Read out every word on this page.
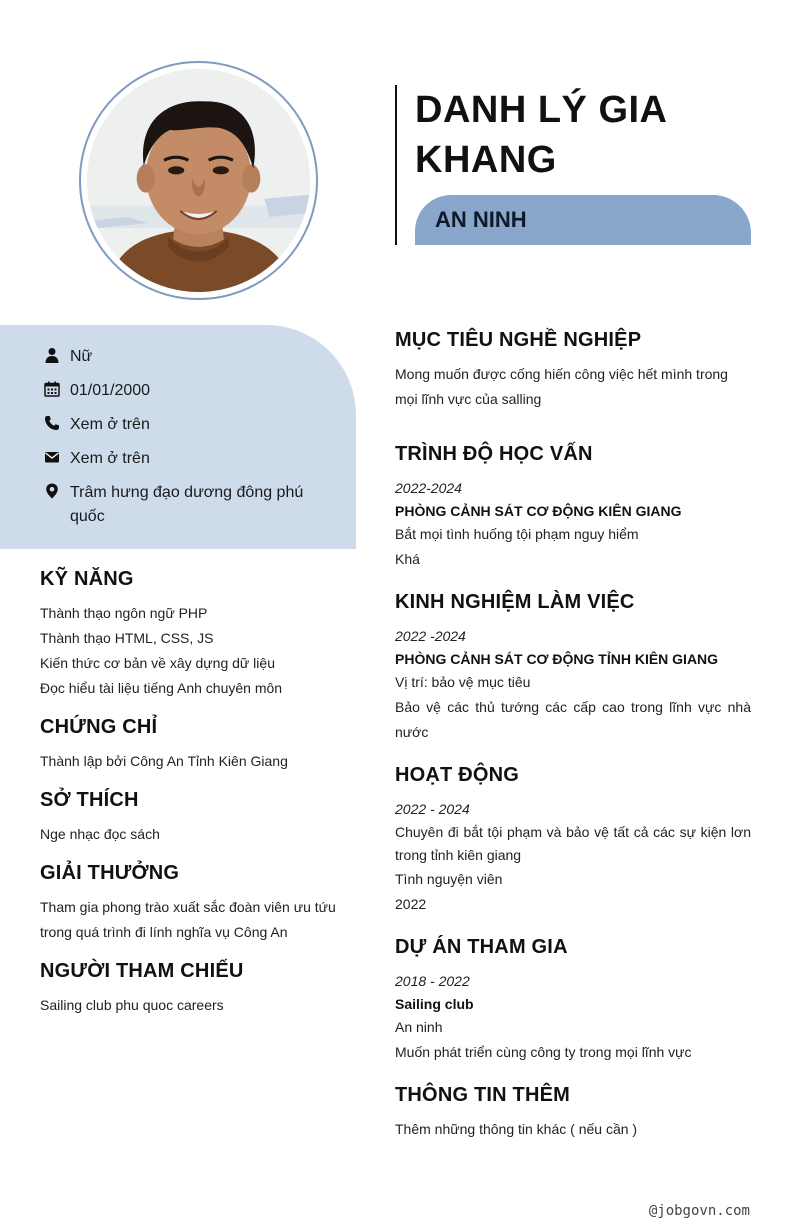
DANH LÝ GIA KHANG
AN NINH
Nữ
01/01/2000
Xem ở trên
Xem ở trên
Trâm hưng đạo dương đông phú quốc
KỸ NĂNG
Thành thạo ngôn ngữ PHP
Thành thạo HTML, CSS, JS
Kiến thức cơ bản về xây dựng dữ liệu
Đọc hiểu tài liệu tiếng Anh chuyên môn
CHỨNG CHỈ
Thành lập bởi Công An Tỉnh Kiên Giang
SỞ THÍCH
Nge nhạc đọc sách
GIẢI THƯỞNG
Tham gia phong trào xuất sắc đoàn viên ưu tứu trong quá trình đi lính nghĩa vụ Công An
NGƯỜI THAM CHIẾU
Sailing club phu quoc careers
MỤC TIÊU NGHỀ NGHIỆP
Mong muốn được cống hiến công việc hết mình trong mọi lĩnh vực của salling
TRÌNH ĐỘ HỌC VẤN
2022-2024
PHÒNG CẢNH SÁT CƠ ĐỘNG KIÊN GIANG
Bắt mọi tình huống tội phạm nguy hiểm
Khá
KINH NGHIỆM LÀM VIỆC
2022 -2024
PHÒNG CẢNH SÁT CƠ ĐỘNG TỈNH KIÊN GIANG
Vị trí: bảo vệ mục tiêu
Bảo vệ các thủ tướng các cấp cao trong lĩnh vực nhà nước
HOẠT ĐỘNG
2022 - 2024
Chuyên đi bắt tội phạm và bảo vệ tất cả các sự kiện lơn trong tỉnh kiên giang
Tình nguyện viên
2022
DỰ ÁN THAM GIA
2018 - 2022
Sailing club
An ninh
Muốn phát triển cùng công ty trong mọi lĩnh vực
THÔNG TIN THÊM
Thêm những thông tin khác ( nếu cần )
@jobgovn.com
